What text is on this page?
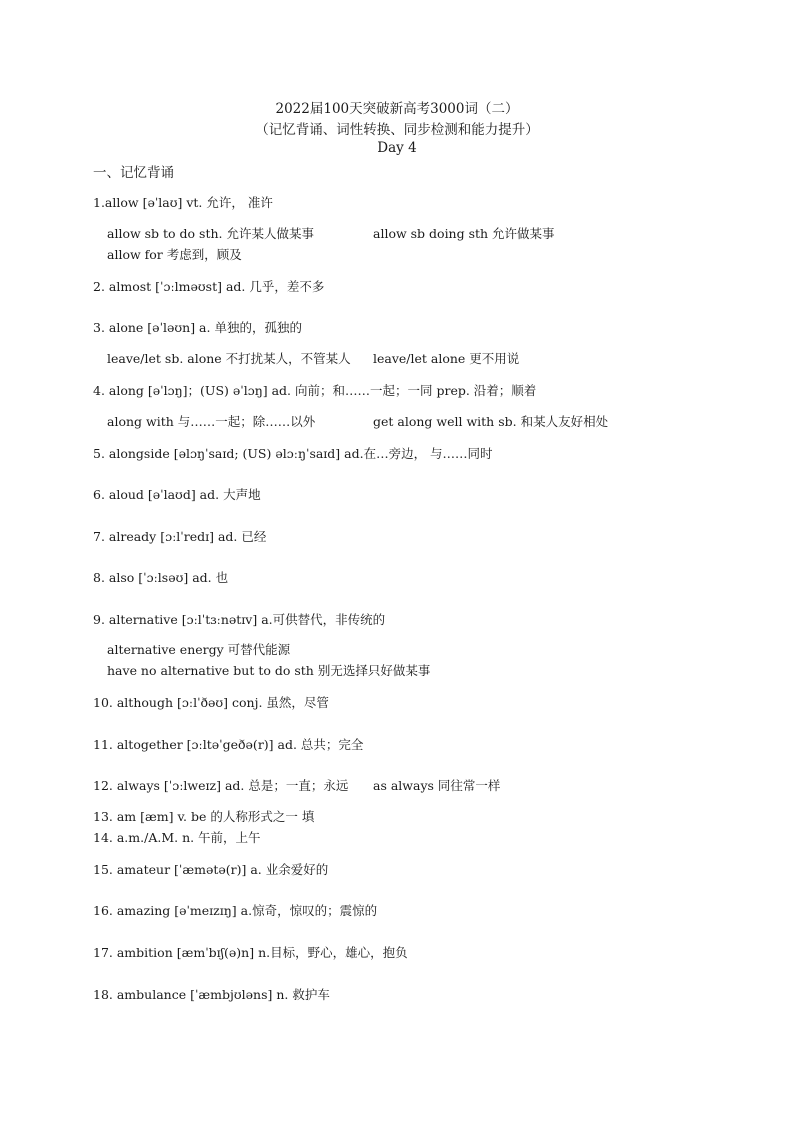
2022届100天突破新高考3000词（二）
（记忆背诵、词性转换、同步检测和能力提升）
Day 4
一、记忆背诵
1.allow [əˈlaʊ] vt. 允许， 准许
allow sb to do sth. 允许某人做某事	allow sb doing sth 允许做某事
allow for 考虑到，顾及
2. almost [ˈɔːlməʊst] ad. 几乎，差不多
3. alone [əˈləʊn] a. 单独的，孤独的
leave/let sb. alone 不打扰某人，不管某人 leave/let alone 更不用说
4. along [əˈlɔŋ]；(US) əˈlɔŋ] ad. 向前；和……一起；一同 prep. 沿着；顺着
along with 与……一起；除……以外	get along well with sb. 和某人友好相处
5. alongside [əlɔŋˈsaɪd; (US) əlɔːŋˈsaɪd] ad.在…旁边， 与……同时
6. aloud [əˈlaʊd] ad. 大声地
7. already [ɔːlˈredɪ] ad. 已经
8. also [ˈɔːlsəʊ] ad. 也
9. alternative [ɔːlˈtɜːnətɪv] a.可供替代，非传统的
alternative energy 可替代能源
have no alternative but to do sth 别无选择只好做某事
10. although [ɔːlˈðəʊ] conj. 虽然，尽管
11. altogether [ɔːltəˈgeðə(r)] ad. 总共；完全
12. always [ˈɔːlweɪz] ad. 总是；一直；永远 as always 同往常一样
13. am [æm] v. be 的人称形式之一 填
14. a.m./A.M. n. 午前，上午
15. amateur [ˈæmətə(r)] a. 业余爱好的
16. amazing [əˈmeɪzɪŋ] a.惊奇，惊叹的；震惊的
17. ambition [æmˈbɪʃ(ə)n] n.目标，野心，雄心，抱负
18. ambulance [ˈæmbjʊləns] n. 救护车
